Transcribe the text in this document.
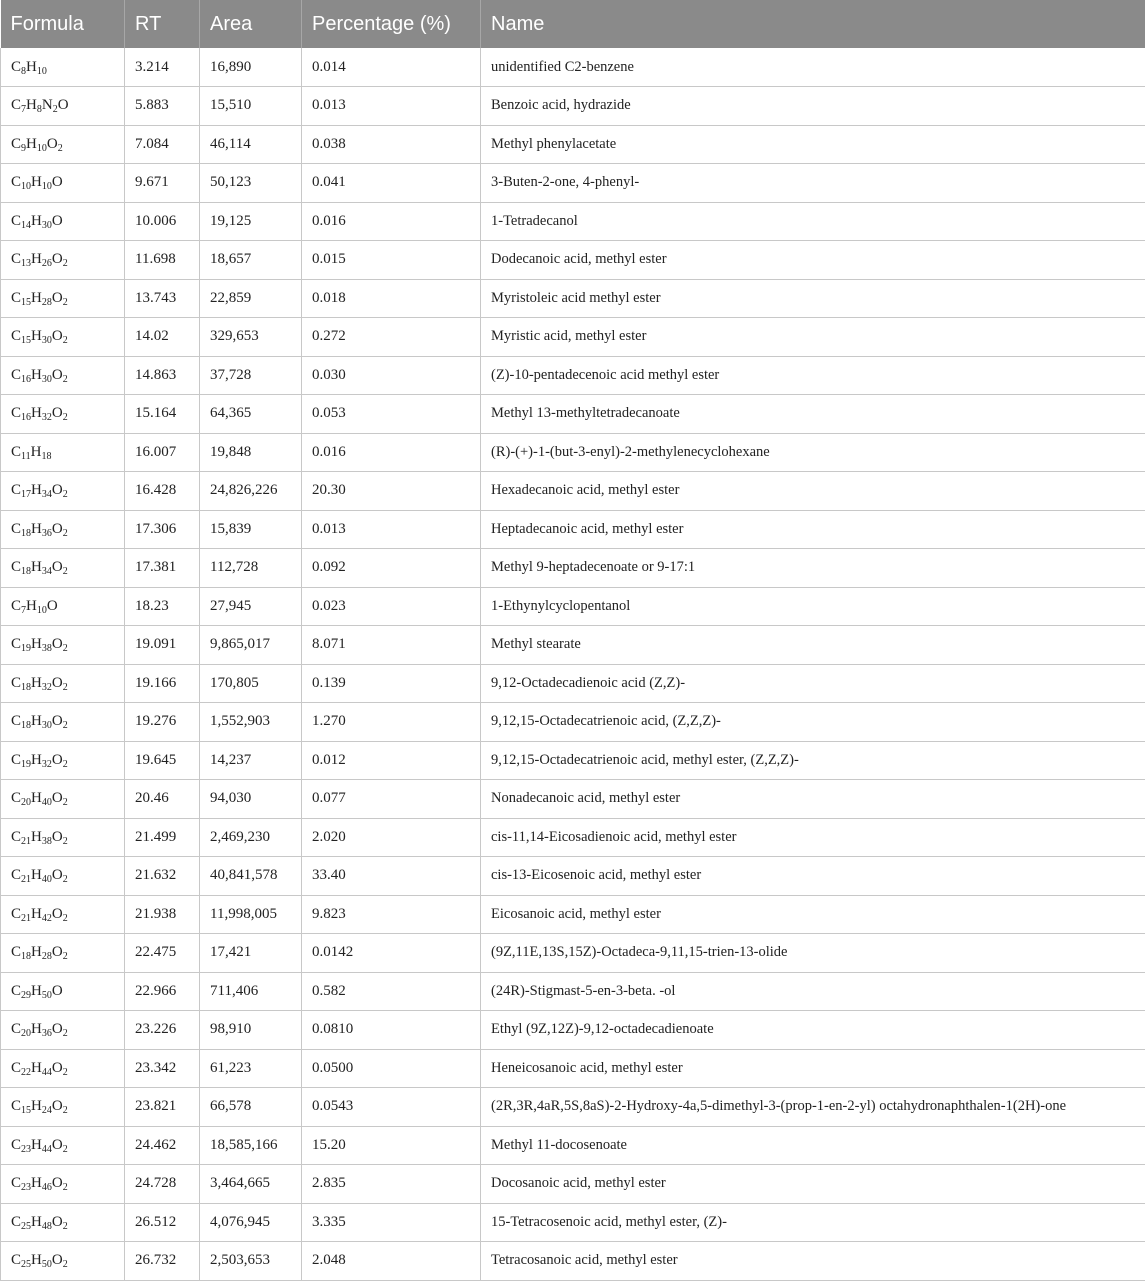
Formula	RT	Area	Percentage (%)	Name
$C_8H_{10}$	3.214	16,890	0.014	unidentified C2-benzene
$C_7H_8N_2O$	5.883	15,510	0.013	Benzoic acid, hydrazide
$C_9H_{10}O_2$	7.084	46,114	0.038	Methyl phenylacetate
$C_{10}H_{10}O$	9.671	50,123	0.041	3-Buten-2-one, 4-phenyl-
$C_{14}H_{30}O$	10.006	19,125	0.016	1-Tetradecanol
$C_{13}H_{26}O_2$	11.698	18,657	0.015	Dodecanoic acid, methyl ester
$C_{15}H_{28}O_2$	13.743	22,859	0.018	Myristoleic acid methyl ester
$C_{15}H_{30}O_2$	14.02	329,653	0.272	Myristic acid, methyl ester
$C_{16}H_{30}O_2$	14.863	37,728	0.030	(Z)-10-pentadecenoic acid methyl ester
$C_{16}H_{32}O_2$	15.164	64,365	0.053	Methyl 13-methyltetradecanoate
$C_{11}H_{18}$	16.007	19,848	0.016	(R)-(+)-1-(but-3-enyl)-2-methylenecyclohexane
$C_{17}H_{34}O_2$	16.428	24,826,226	20.30	Hexadecanoic acid, methyl ester
$C_{18}H_{36}O_2$	17.306	15,839	0.013	Heptadecanoic acid, methyl ester
$C_{18}H_{34}O_2$	17.381	112,728	0.092	Methyl 9-heptadecenoate or 9-17:1
$C_7H_{10}O$	18.23	27,945	0.023	1-Ethynylcyclopentanol
$C_{19}H_{38}O_2$	19.091	9,865,017	8.071	Methyl stearate
$C_{18}H_{32}O_2$	19.166	170,805	0.139	9,12-Octadecadienoic acid (Z,Z)-
$C_{18}H_{30}O_2$	19.276	1,552,903	1.270	9,12,15-Octadecatrienoic acid, (Z,Z,Z)-
$C_{19}H_{32}O_2$	19.645	14,237	0.012	9,12,15-Octadecatrienoic acid, methyl ester, (Z,Z,Z)-
$C_{20}H_{40}O_2$	20.46	94,030	0.077	Nonadecanoic acid, methyl ester
$C_{21}H_{38}O_2$	21.499	2,469,230	2.020	cis-11,14-Eicosadienoic acid, methyl ester
$C_{21}H_{40}O_2$	21.632	40,841,578	33.40	cis-13-Eicosenoic acid, methyl ester
$C_{21}H_{42}O_2$	21.938	11,998,005	9.823	Eicosanoic acid, methyl ester
$C_{18}H_{28}O_2$	22.475	17,421	0.0142	(9Z,11E,13S,15Z)-Octadeca-9,11,15-trien-13-olide
$C_{29}H_{50}O$	22.966	711,406	0.582	(24R)-Stigmast-5-en-3-beta. -ol
$C_{20}H_{36}O_2$	23.226	98,910	0.0810	Ethyl (9Z,12Z)-9,12-octadecadienoate
$C_{22}H_{44}O_2$	23.342	61,223	0.0500	Heneicosanoic acid, methyl ester
$C_{15}H_{24}O_2$	23.821	66,578	0.0543	(2R,3R,4aR,5S,8aS)-2-Hydroxy-4a,5-dimethyl-3-(prop-1-en-2-yl) octahydronaphthalen-1(2H)-one
$C_{23}H_{44}O_2$	24.462	18,585,166	15.20	Methyl 11-docosenoate
$C_{23}H_{46}O_2$	24.728	3,464,665	2.835	Docosanoic acid, methyl ester
$C_{25}H_{48}O_2$	26.512	4,076,945	3.335	15-Tetracosenoic acid, methyl ester, (Z)-
$C_{25}H_{50}O_2$	26.732	2,503,653	2.048	Tetracosanoic acid, methyl ester
